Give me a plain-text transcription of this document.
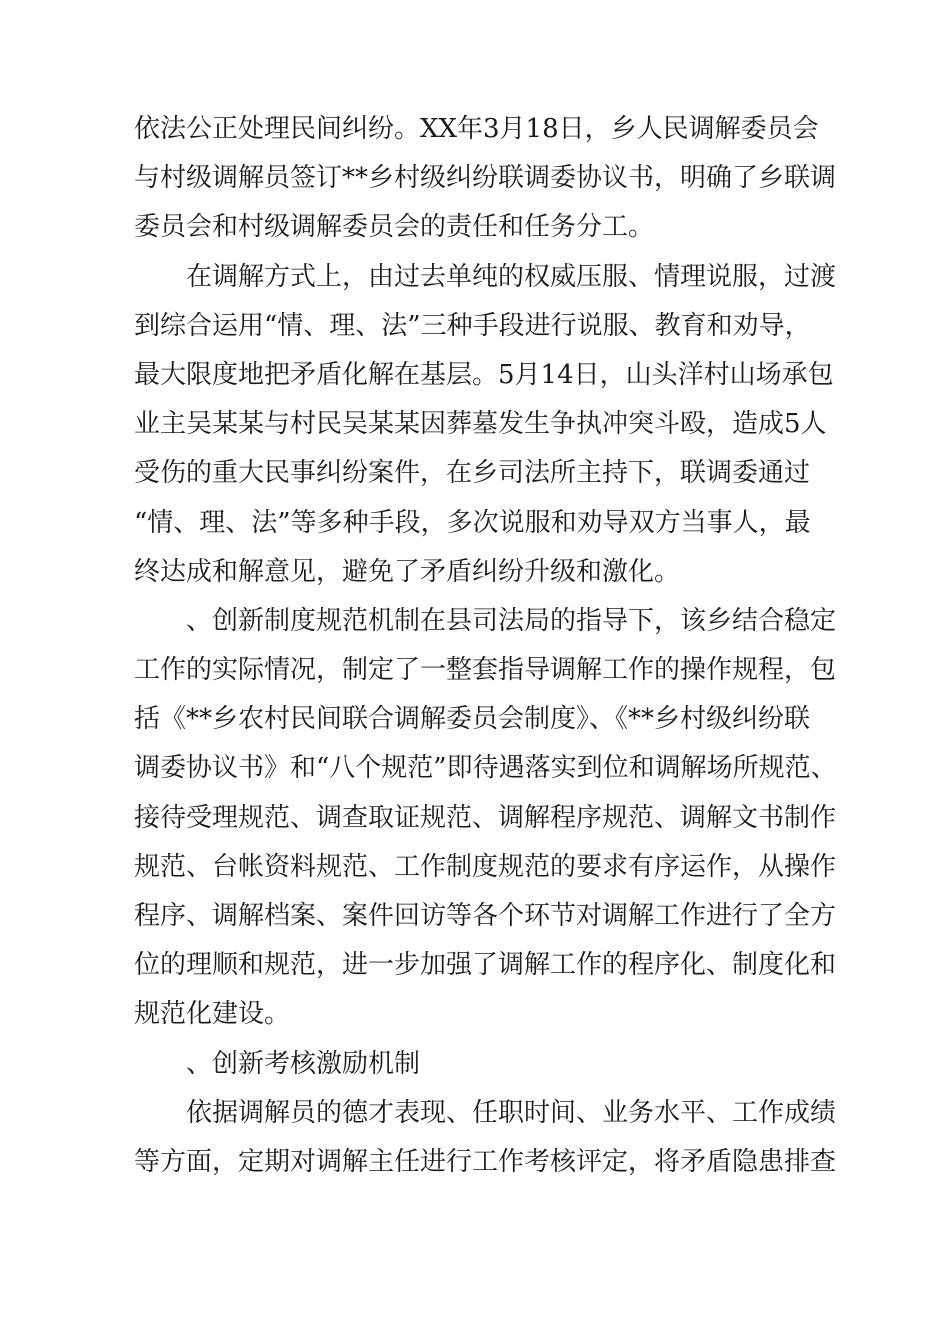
依法公正处理民间纠纷。XX年3月18日，乡人民调解委员会
与村级调解员签订**乡村级纠纷联调委协议书，明确了乡联调
委员会和村级调解委员会的责任和任务分工。
在调解方式上，由过去单纯的权威压服、情理说服，过渡
到综合运用“情、理、法”三种手段进行说服、教育和劝导，
最大限度地把矛盾化解在基层。5月14日，山头洋村山场承包
业主吴某某与村民吴某某因葬墓发生争执冲突斗殴，造成5人
受伤的重大民事纠纷案件，在乡司法所主持下，联调委通过
“情、理、法”等多种手段，多次说服和劝导双方当事人，最
终达成和解意见，避免了矛盾纠纷升级和激化。
、创新制度规范机制在县司法局的指导下，该乡结合稳定
工作的实际情况，制定了一整套指导调解工作的操作规程，包
括《**乡农村民间联合调解委员会制度》、《**乡村级纠纷联
调委协议书》和“八个规范”即待遇落实到位和调解场所规范、
接待受理规范、调查取证规范、调解程序规范、调解文书制作
规范、台帐资料规范、工作制度规范的要求有序运作，从操作
程序、调解档案、案件回访等各个环节对调解工作进行了全方
位的理顺和规范，进一步加强了调解工作的程序化、制度化和
规范化建设。
、创新考核激励机制
依据调解员的德才表现、任职时间、业务水平、工作成绩
等方面，定期对调解主任进行工作考核评定，将矛盾隐患排查
